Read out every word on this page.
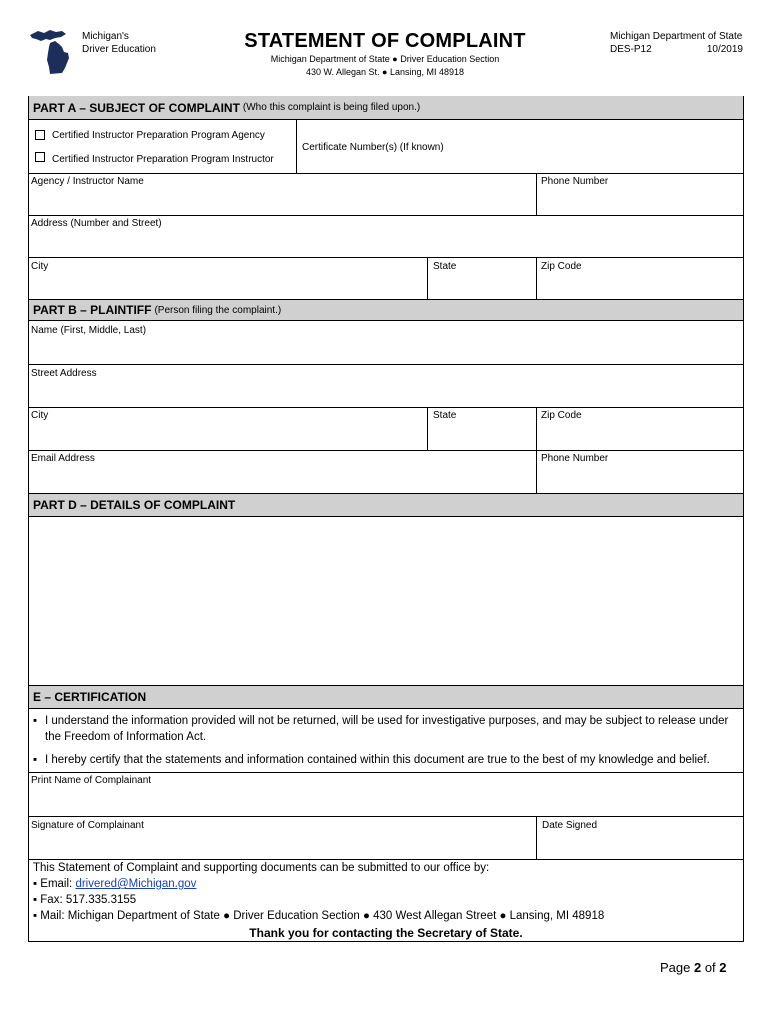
Michigan's
Driver Education	STATEMENT OF COMPLAINT
Michigan Department of State ● Driver Education Section
430 W. Allegan St. ● Lansing, MI 48918
Michigan Department of State
DES-P12	10/2019
PART A – SUBJECT OF COMPLAINT (Who this complaint is being filed upon.)
Certified Instructor Preparation Program Agency
Certified Instructor Preparation Program Instructor
Certificate Number(s) (If known)
Agency / Instructor Name	Phone Number
Address (Number and Street)
City	State	Zip Code
PART B – PLAINTIFF (Person filing the complaint.)
Name (First, Middle, Last)
Street Address
City	State	Zip Code
Email Address	Phone Number
PART D – DETAILS OF COMPLAINT
E – CERTIFICATION
▪ I understand the information provided will not be returned, will be used for investigative purposes, and may be subject to release under
the Freedom of Information Act.
▪ I hereby certify that the statements and information contained within this document are true to the best of my knowledge and belief.
Print Name of Complainant
Signature of Complainant	Date Signed
This Statement of Complaint and supporting documents can be submitted to our office by:
▪ Email: drivered@Michigan.gov
▪ Fax: 517.335.3155
▪ Mail: Michigan Department of State ● Driver Education Section ● 430 West Allegan Street ● Lansing, MI 48918
Thank you for contacting the Secretary of State.
Page 2 of 2
